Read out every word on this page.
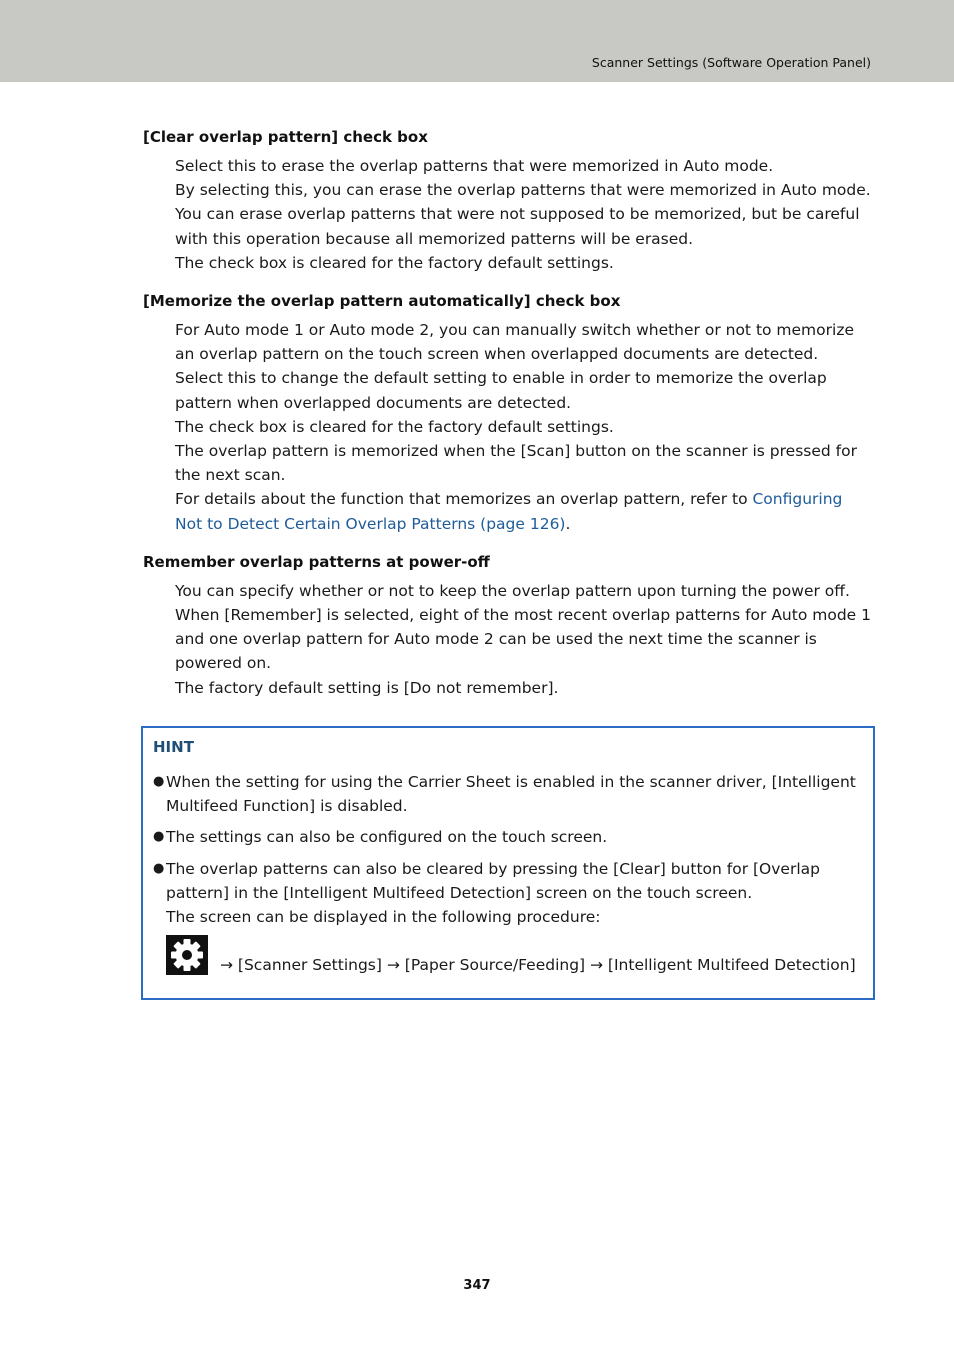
Scanner Settings (Software Operation Panel)
[Clear overlap pattern] check box

Select this to erase the overlap patterns that were memorized in Auto mode.

By selecting this, you can erase the overlap patterns that were memorized in Auto mode.

You can erase overlap patterns that were not supposed to be memorized, but be careful with this operation because all memorized patterns will be erased.

The check box is cleared for the factory default settings.

[Memorize the overlap pattern automatically] check box

For Auto mode 1 or Auto mode 2, you can manually switch whether or not to memorize an overlap pattern on the touch screen when overlapped documents are detected.

Select this to change the default setting to enable in order to memorize the overlap pattern when overlapped documents are detected.

The check box is cleared for the factory default settings.

The overlap pattern is memorized when the [Scan] button on the scanner is pressed for the next scan.

For details about the function that memorizes an overlap pattern, refer to Configuring Not to Detect Certain Overlap Patterns (page 126).

Remember overlap patterns at power-off

You can specify whether or not to keep the overlap pattern upon turning the power off.

When [Remember] is selected, eight of the most recent overlap patterns for Auto mode 1 and one overlap pattern for Auto mode 2 can be used the next time the scanner is powered on.

The factory default setting is [Do not remember].

HINT
● When the setting for using the Carrier Sheet is enabled in the scanner driver, [Intelligent Multifeed Function] is disabled.

● The settings can also be configured on the touch screen.

● The overlap patterns can also be cleared by pressing the [Clear] button for [Overlap pattern] in the [Intelligent Multifeed Detection] screen on the touch screen.

The screen can be displayed in the following procedure:

→ [Scanner Settings] → [Paper Source/Feeding] → [Intelligent Multifeed Detection]
347
